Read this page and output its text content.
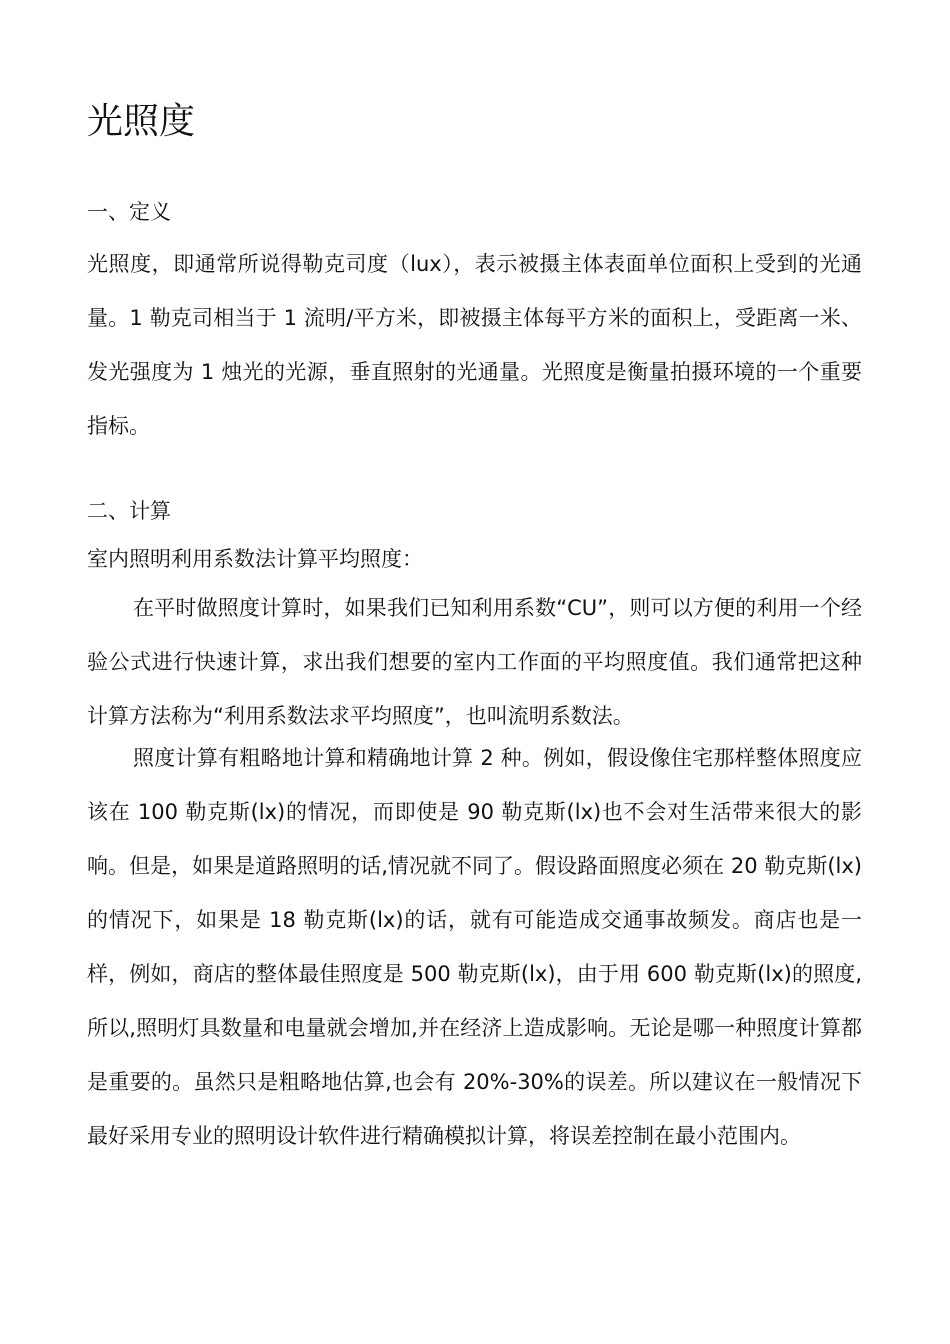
光照度
一、定义

光照度，即通常所说得勒克司度（lux），表示被摄主体表面单位面积上受到的光通量。1 勒克司相当于 1 流明/平方米，即被摄主体每平方米的面积上，受距离一米、发光强度为 1 烛光的光源，垂直照射的光通量。光照度是衡量拍摄环境的一个重要指标。

二、计算

室内照明利用系数法计算平均照度：

在平时做照度计算时，如果我们已知利用系数“CU”，则可以方便的利用一个经验公式进行快速计算，求出我们想要的室内工作面的平均照度值。我们通常把这种计算方法称为“利用系数法求平均照度”，也叫流明系数法。

照度计算有粗略地计算和精确地计算 2 种。例如，假设像住宅那样整体照度应该在 100 勒克斯(lx)的情况，而即使是 90 勒克斯(lx)也不会对生活带来很大的影响。但是，如果是道路照明的话,情况就不同了。假设路面照度必须在 20 勒克斯(lx)的情况下，如果是 18 勒克斯(lx)的话，就有可能造成交通事故频发。商店也是一样，例如，商店的整体最佳照度是 500 勒克斯(lx)，由于用 600 勒克斯(lx)的照度,所以,照明灯具数量和电量就会增加,并在经济上造成影响。无论是哪一种照度计算都是重要的。虽然只是粗略地估算,也会有 20%-30%的误差。所以建议在一般情况下最好采用专业的照明设计软件进行精确模拟计算，将误差控制在最小范围内。
